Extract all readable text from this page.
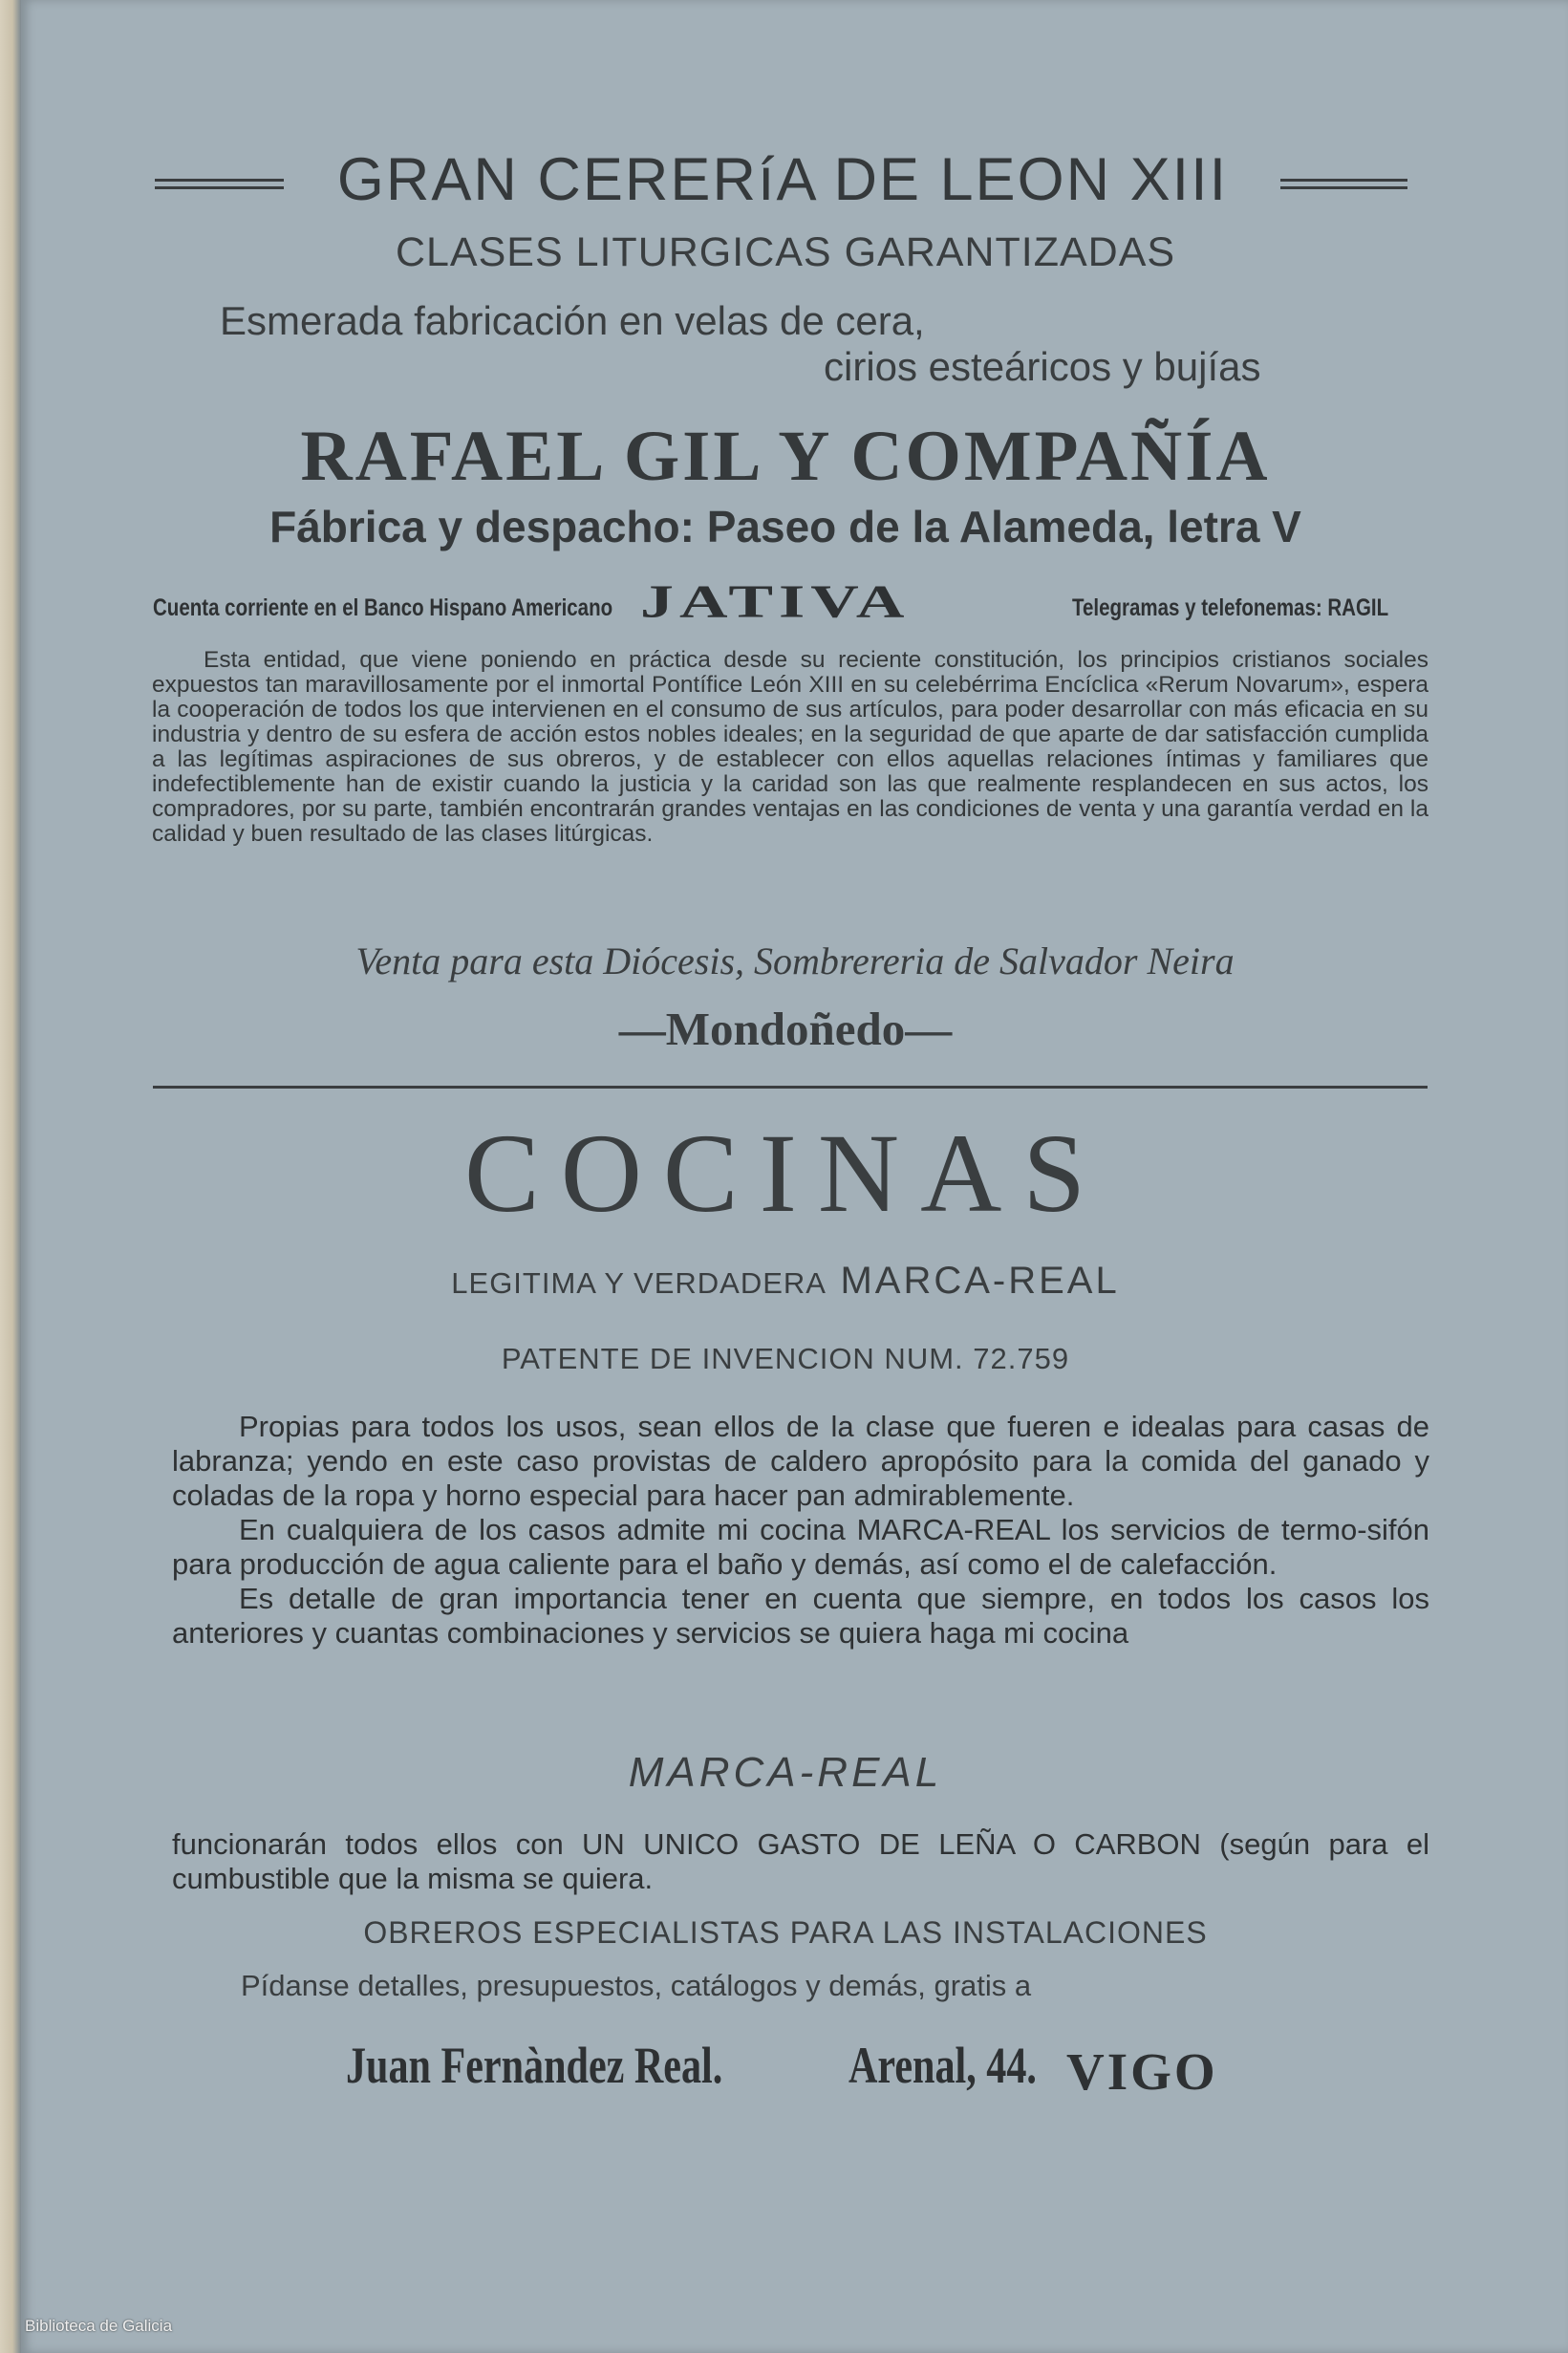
GRAN CERERíA DE LEON XIII
CLASES LITURGICAS GARANTIZADAS
Esmerada fabricación en velas de cera,
cirios esteáricos y bujías
RAFAEL GIL Y COMPAÑÍA
Fábrica y despacho: Paseo de la Alameda, letra V
Cuenta corriente en el Banco Hispano Americano JATIVA	Telegramas y telefonemas: RAGIL
Esta entidad, que viene poniendo en práctica desde su reciente constitución, los principios cristianos sociales expuestos tan maravillosamente por el inmortal Pontífice León XIII en su celebérrima Encíclica «Rerum Novarum», espera la cooperación de todos los que intervienen en el consumo de sus artículos, para poder desarrollar con más eficacia en su industria y dentro de su esfera de acción estos nobles ideales; en la seguridad de que aparte de dar satisfacción cumplida a las legítimas aspiraciones de sus obreros, y de establecer con ellos aquellas relaciones íntimas y familiares que indefectiblemente han de existir cuando la justicia y la caridad son las que realmente resplandecen en sus actos, los compradores, por su parte, también encontrarán grandes ventajas en las condiciones de venta y una garantía verdad en la calidad y buen resultado de las clases litúrgicas.
Venta para esta Diócesis, Sombrereria de Salvador Neira
—Mondoñedo—
COCINAS
LEGITIMA Y VERDADERA MARCA-REAL
PATENTE DE INVENCION NUM. 72.759

Propias para todos los usos, sean ellos de la clase que fueren e idealas para casas de labranza; yendo en este caso provistas de caldero apropósito para la comida del ganado y coladas de la ropa y horno especial para hacer pan admirablemente.

En cualquiera de los casos admite mi cocina MARCA-REAL los servicios de termo-sifón para producción de agua caliente para el baño y demás, así como el de calefacción.

Es detalle de gran importancia tener en cuenta que siempre, en todos los casos los anteriores y cuantas combinaciones y servicios se quiera haga mi cocina

MARCA-REAL
funcionarán todos ellos con UN UNICO GASTO DE LEÑA O CARBON (según para el cumbustible que la misma se quiera.
OBREROS ESPECIALISTAS PARA LAS INSTALACIONES
Pídanse detalles, presupuestos, catálogos y demás, gratis a
Juan Fernàndez Real. Arenal, 44. VIGO
Biblioteca de Galicia
